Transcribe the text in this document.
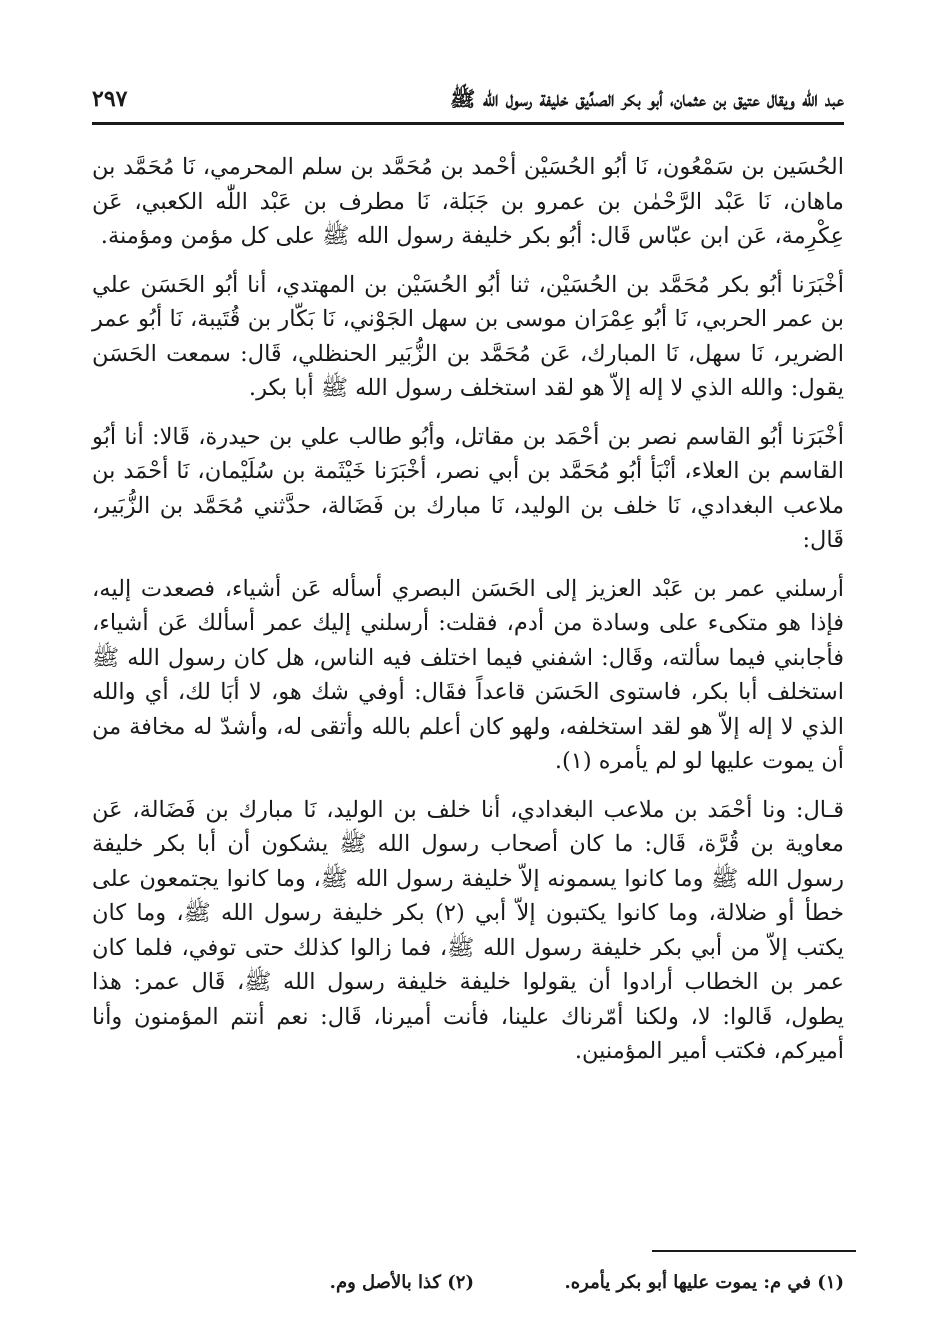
عبد الله ويقال عتيق بن عثمان، أبو بكر الصدِّيق خليفة رسول الله ﷺ
٢٩٧

الحُسَين بن سَمْعُون، نَا أبُو الحُسَيْن أحْمد بن مُحَمَّد بن سلم المحرمي، نَا مُحَمَّد بن ماهان، نَا عَبْد الرَّحْمٰن بن عمرو بن جَبَلة، نَا مطرف بن عَبْد اللّٰه الكعبي، عَن عِكْرِمة، عَن ابن عبّاس قَال: أبُو بكر خليفة رسول الله ﷺ على كل مؤمن ومؤمنة.

أخْبَرَنا أبُو بكر مُحَمَّد بن الحُسَيْن، ثنا أبُو الحُسَيْن بن المهتدي، أنا أبُو الحَسَن علي بن عمر الحربي، نَا أبُو عِمْرَان موسى بن سهل الجَوْني، نَا بَكّار بن قُتَيبة، نَا أبُو عمر الضرير، نَا سهل، نَا المبارك، عَن مُحَمَّد بن الزُّبَير الحنظلي، قَال: سمعت الحَسَن يقول: والله الذي لا إله إلاّ هو لقد استخلف رسول الله ﷺ أبا بكر.

أخْبَرَنا أبُو القاسم نصر بن أحْمَد بن مقاتل، وأبُو طالب علي بن حيدرة، قَالا: أنا أبُو القاسم بن العلاء، أنْبَأ أبُو مُحَمَّد بن أبي نصر، أخْبَرَنا خَيْثَمة بن سُلَيْمان، نَا أحْمَد بن ملاعب البغدادي، نَا خلف بن الوليد، نَا مبارك بن فَضَالة، حدَّثني مُحَمَّد بن الزُّبَير، قَال:

أرسلني عمر بن عَبْد العزيز إلى الحَسَن البصري أسأله عَن أشياء، فصعدت إليه، فإذا هو متكىء على وسادة من أدم، فقلت: أرسلني إليك عمر أسألك عَن أشياء، فأجابني فيما سألته، وقَال: اشفني فيما اختلف فيه الناس، هل كان رسول الله ﷺ استخلف أبا بكر، فاستوى الحَسَن قاعداً فقَال: أوفي شك هو، لا أبَا لك، أي والله الذي لا إله إلاّ هو لقد استخلفه، ولهو كان أعلم بالله وأتقى له، وأشدّ له مخافة من أن يموت عليها لو لم يأمره (١).

قـال: ونا أحْمَد بن ملاعب البغدادي، أنا خلف بن الوليد، نَا مبارك بن فَضَالة، عَن معاوية بن قُرَّة، قَال: ما كان أصحاب رسول الله ﷺ يشكون أن أبا بكر خليفة رسول الله ﷺ وما كانوا يسمونه إلاّ خليفة رسول الله ﷺ، وما كانوا يجتمعون على خطأ أو ضلالة، وما كانوا يكتبون إلاّ أبي (٢) بكر خليفة رسول الله ﷺ، وما كان يكتب إلاّ من أبي بكر خليفة رسول الله ﷺ، فما زالوا كذلك حتى توفي، فلما كان عمر بن الخطاب أرادوا أن يقولوا خليفة خليفة رسول الله ﷺ، قَال عمر: هذا يطول، قَالوا: لا، ولكنا أمّرناك علينا، فأنت أميرنا، قَال: نعم أنتم المؤمنون وأنا أميركم، فكتب أمير المؤمنين.

(١) في م: يموت عليها أبو بكر يأمره.
(٢) كذا بالأصل وم.
